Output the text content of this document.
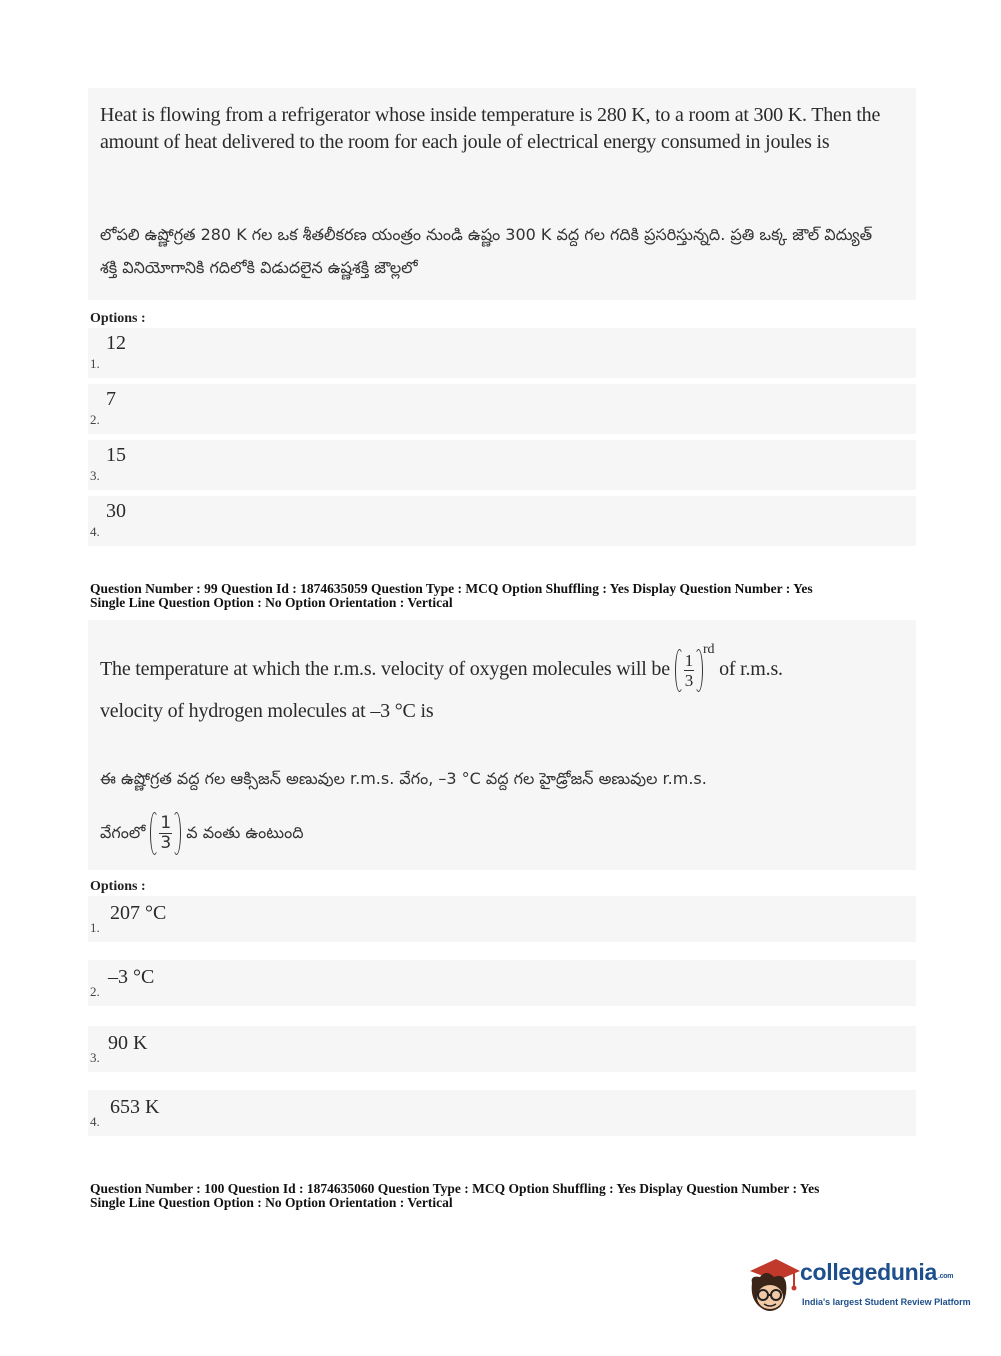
Heat is flowing from a refrigerator whose inside temperature is 280 K, to a room at 300 K. Then the amount of heat delivered to the room for each joule of electrical energy consumed in joules is
లోపలి ఉష్ణోగ్రత 280 K గల ఒక శీతలీకరణ యంత్రం నుండి ఉష్ణం 300 K వద్ద గల గదికి ప్రసరిస్తున్నది. ప్రతి ఒక్క జౌల్ విద్యుత్ శక్తి వినియోగానికి గదిలోకి విడుదలైన ఉష్ణశక్తి జౌల్లలో
Options :
1.
12
2.
7
3.
15
4.
30
Question Number : 99 Question Id : 1874635059 Question Type : MCQ Option Shuffling : Yes Display Question Number : Yes
Single Line Question Option : No Option Orientation : Vertical
The temperature at which the r.m.s. velocity of oxygen molecules will be $\frac{1}{3}$
$^{rd}$ of r.m.s.
velocity of hydrogen molecules at –3 °C is
ఈ ఉష్ణోగ్రత వద్ద గల ఆక్సిజన్ అణువుల r.m.s. వేగం, –3 °C వద్ద గల హైడ్రోజన్ అణువుల r.m.s.
వేగంలో $\frac{1}{3}$ వ వంతు ఉంటుంది
Options :
1.
207 °C
2.
–3 °C
3.
90 K
4.
653 K
Question Number : 100 Question Id : 1874635060 Question Type : MCQ Option Shuffling : Yes Display Question Number : Yes
Single Line Question Option : No Option Orientation : Vertical
collegedunia.com
India's largest Student Review Platform
